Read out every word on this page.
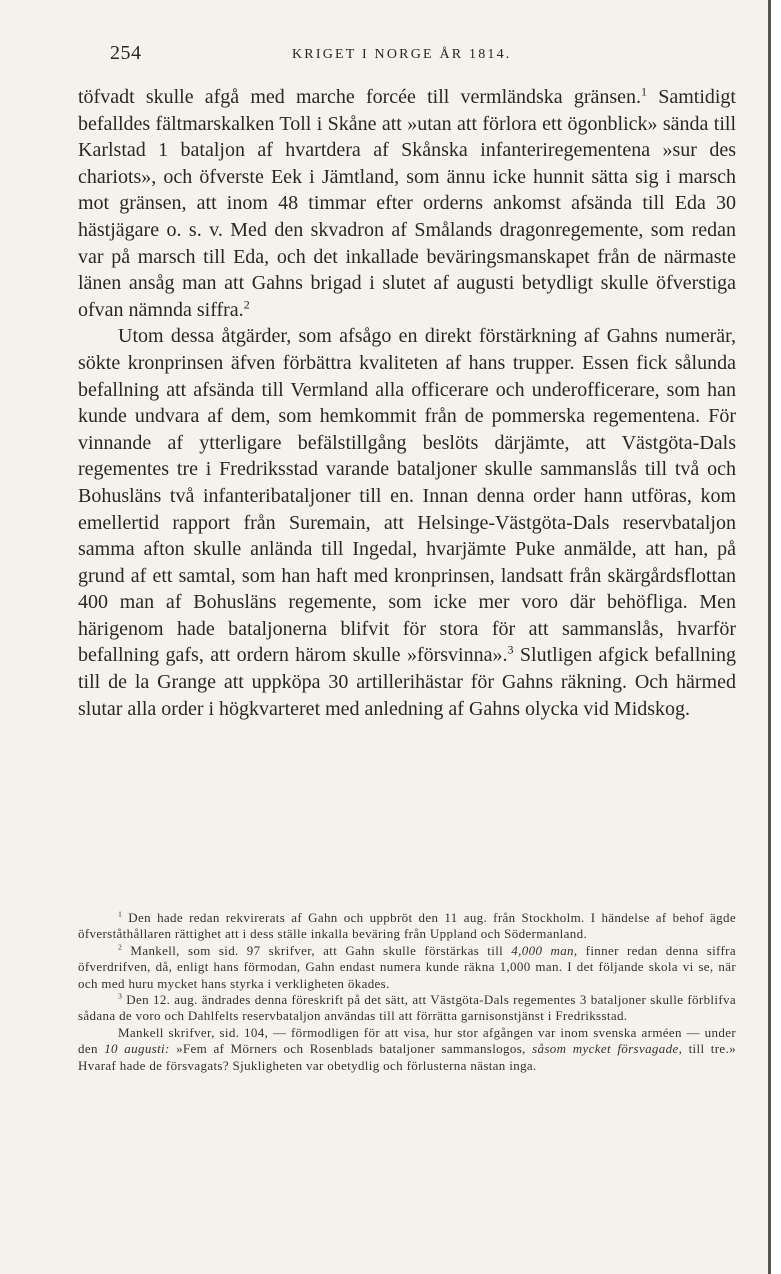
254	KRIGET I NORGE ÅR 1814.

töfvadt skulle afgå med marche forcée till vermländska gränsen.$^1$ Samtidigt befalldes fältmarskalken Toll i Skåne att »utan att förlora ett ögonblick» sända till Karlstad 1 bataljon af hvartdera af Skånska infanteriregementena »sur des chariots», och öfverste Eek i Jämtland, som ännu icke hunnit sätta sig i marsch mot gränsen, att inom 48 timmar efter orderns ankomst afsända till Eda 30 hästjägare o. s. v. Med den skvadron af Smålands dragonregemente, som redan var på marsch till Eda, och det inkallade beväringsmanskapet från de närmaste länen ansåg man att Gahns brigad i slutet af augusti betydligt skulle öfverstiga ofvan nämnda siffra.$^2$

Utom dessa åtgärder, som afsågo en direkt förstärkning af Gahns numerär, sökte kronprinsen äfven förbättra kvaliteten af hans trupper. Essen fick sålunda befallning att afsända till Vermland alla officerare och underofficerare, som han kunde undvara af dem, som hemkommit från de pommerska regementena. För vinnande af ytterligare befälstillgång beslöts därjämte, att Västgöta-Dals regementes tre i Fredriksstad varande bataljoner skulle sammanslås till två och Bohusläns två infanteribataljoner till en. Innan denna order hann utföras, kom emellertid rapport från Suremain, att Helsinge-Västgöta-Dals reservbataljon samma afton skulle anlända till Ingedal, hvarjämte Puke anmälde, att han, på grund af ett samtal, som han haft med kronprinsen, landsatt från skärgårdsflottan 400 man af Bohusläns regemente, som icke mer voro där behöfliga. Men härigenom hade bataljonerna blifvit för stora för att sammanslås, hvarför befallning gafs, att ordern härom skulle »försvinna».$^3$ Slutligen afgick befallning till de la Grange att uppköpa 30 artillerihästar för Gahns räkning. Och härmed slutar alla order i högkvarteret med anledning af Gahns olycka vid Midskog.

$^1$ Den hade redan rekvirerats af Gahn och uppbröt den 11 aug. från Stockholm. I händelse af behof ägde öfverståthållaren rättighet att i dess ställe inkalla beväring från Uppland och Södermanland.

$^2$ Mankell, som sid. 97 skrifver, att Gahn skulle förstärkas till 4,000 man, finner redan denna siffra öfverdrifven, då, enligt hans förmodan, Gahn endast numera kunde räkna 1,000 man. I det följande skola vi se, när och med huru mycket hans styrka i verkligheten ökades.

$^3$ Den 12. aug. ändrades denna föreskrift på det sätt, att Västgöta-Dals regementes 3 bataljoner skulle förblifva sådana de voro och Dahlfelts reservbataljon användas till att förrätta garnisonstjänst i Fredriksstad.

Mankell skrifver, sid. 104, — förmodligen för att visa, hur stor afgången var inom svenska arméen — under den 10 augusti: »Fem af Mörners och Rosenblads bataljoner sammanslogos, såsom mycket försvagade, till tre.» Hvaraf hade de försvagats? Sjukligheten var obetydlig och förlusterna nästan inga.
